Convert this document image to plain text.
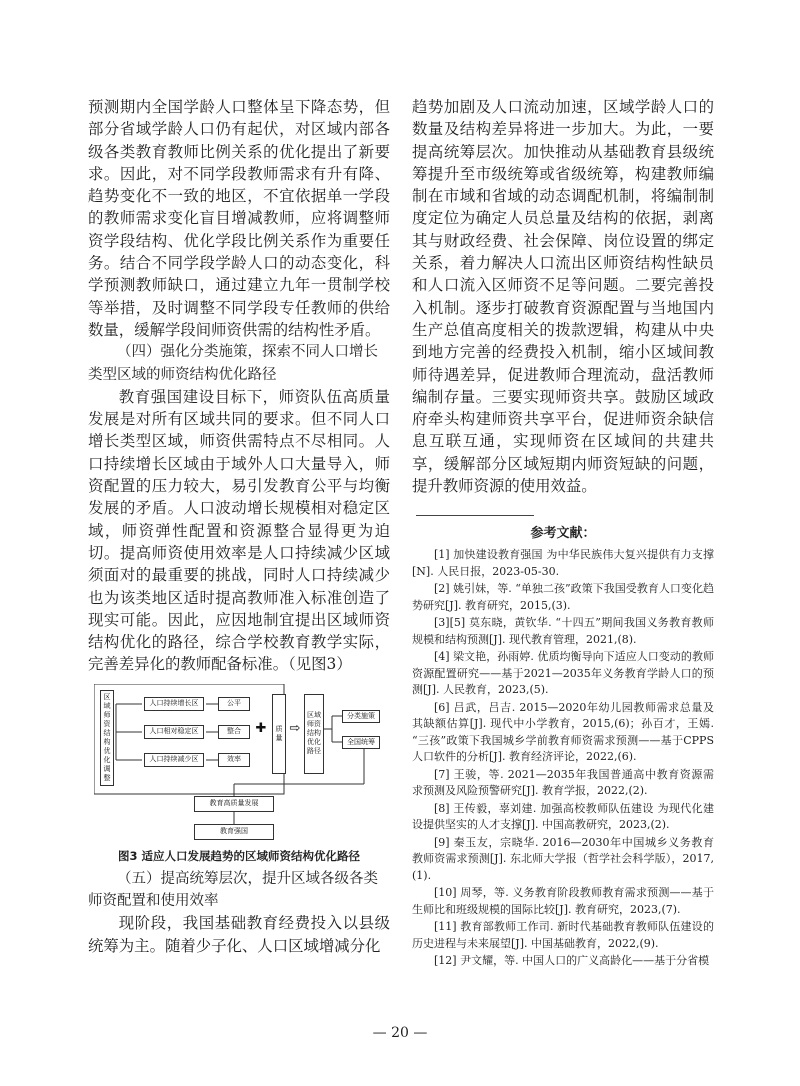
预测期内全国学龄人口整体呈下降态势，但部分省域学龄人口仍有起伏，对区域内部各级各类教育教师比例关系的优化提出了新要求。因此，对不同学段教师需求有升有降、趋势变化不一致的地区，不宜依据单一学段的教师需求变化盲目增减教师，应将调整师资学段结构、优化学段比例关系作为重要任务。结合不同学段学龄人口的动态变化，科学预测教师缺口，通过建立九年一贯制学校等举措，及时调整不同学段专任教师的供给数量，缓解学段间师资供需的结构性矛盾。

（四）强化分类施策，探索不同人口增长类型区域的师资结构优化路径

教育强国建设目标下，师资队伍高质量发展是对所有区域共同的要求。但不同人口增长类型区域，师资供需特点不尽相同。人口持续增长区域由于域外人口大量导入，师资配置的压力较大，易引发教育公平与均衡发展的矛盾。人口波动增长规模相对稳定区域，师资弹性配置和资源整合显得更为迫切。提高师资使用效率是人口持续减少区域须面对的最重要的挑战，同时人口持续减少也为该类地区适时提高教师准入标准创造了现实可能。因此，应因地制宜提出区域师资结构优化的路径，综合学校教育教学实际，完善差异化的教师配备标准。（见图3）

区域师资结构优化调整
人口持续增长区
人口相对稳定区
人口持续减少区
公平
整合
效率
✚	质量
⇨
区域师资结构优化路径
分类施策
全国统筹
教育高质量发展
教育强国
图3 适应人口发展趋势的区域师资结构优化路径

（五）提高统筹层次，提升区域各级各类师资配置和使用效率

现阶段，我国基础教育经费投入以县级统筹为主。随着少子化、人口区域增减分化

趋势加剧及人口流动加速，区域学龄人口的数量及结构差异将进一步加大。为此，一要提高统筹层次。加快推动从基础教育县级统筹提升至市级统筹或省级统筹，构建教师编制在市域和省域的动态调配机制，将编制制度定位为确定人员总量及结构的依据，剥离其与财政经费、社会保障、岗位设置的绑定关系，着力解决人口流出区师资结构性缺员和人口流入区师资不足等问题。二要完善投入机制。逐步打破教育资源配置与当地国内生产总值高度相关的拨款逻辑，构建从中央到地方完善的经费投入机制，缩小区域间教师待遇差异，促进教师合理流动，盘活教师编制存量。三要实现师资共享。鼓励区域政府牵头构建师资共享平台，促进师资余缺信息互联互通，实现师资在区域间的共建共享，缓解部分区域短期内师资短缺的问题，提升教师资源的使用效益。

参考文献：

[1] 加快建设教育强国 为中华民族伟大复兴提供有力支撑[N]. 人民日报，2023-05-30.

[2] 姚引妹，等. “单独二孩”政策下我国受教育人口变化趋势研究[J]. 教育研究，2015,(3).

[3][5] 莫东晓，黄钦华. “十四五”期间我国义务教育教师规模和结构预测[J]. 现代教育管理，2021,(8).

[4] 梁文艳，孙雨婷. 优质均衡导向下适应人口变动的教师资源配置研究——基于2021—2035年义务教育学龄人口的预测[J]. 人民教育，2023,(5).

[6] 吕武，吕吉. 2015—2020年幼儿园教师需求总量及其缺额估算[J]. 现代中小学教育，2015,(6)；孙百才，王嫣. “三孩”政策下我国城乡学前教育师资需求预测——基于CPPS人口软件的分析[J]. 教育经济评论，2022,(6).

[7] 王骏，等. 2021—2035年我国普通高中教育资源需求预测及风险预警研究[J]. 教育学报，2022,(2).

[8] 王传毅，辜刘建. 加强高校教师队伍建设 为现代化建设提供坚实的人才支撑[J]. 中国高教研究，2023,(2).

[9] 秦玉友，宗晓华. 2016—2030年中国城乡义务教育教师资需求预测[J]. 东北师大学报（哲学社会科学版），2017,(1).

[10] 周琴，等. 义务教育阶段教师教育需求预测——基于生师比和班级规模的国际比较[J]. 教育研究，2023,(7).

[11] 教育部教师工作司. 新时代基础教育教师队伍建设的历史进程与未来展望[J]. 中国基础教育，2022,(9).

[12] 尹文耀，等. 中国人口的广义高龄化——基于分省模

— 20 —
